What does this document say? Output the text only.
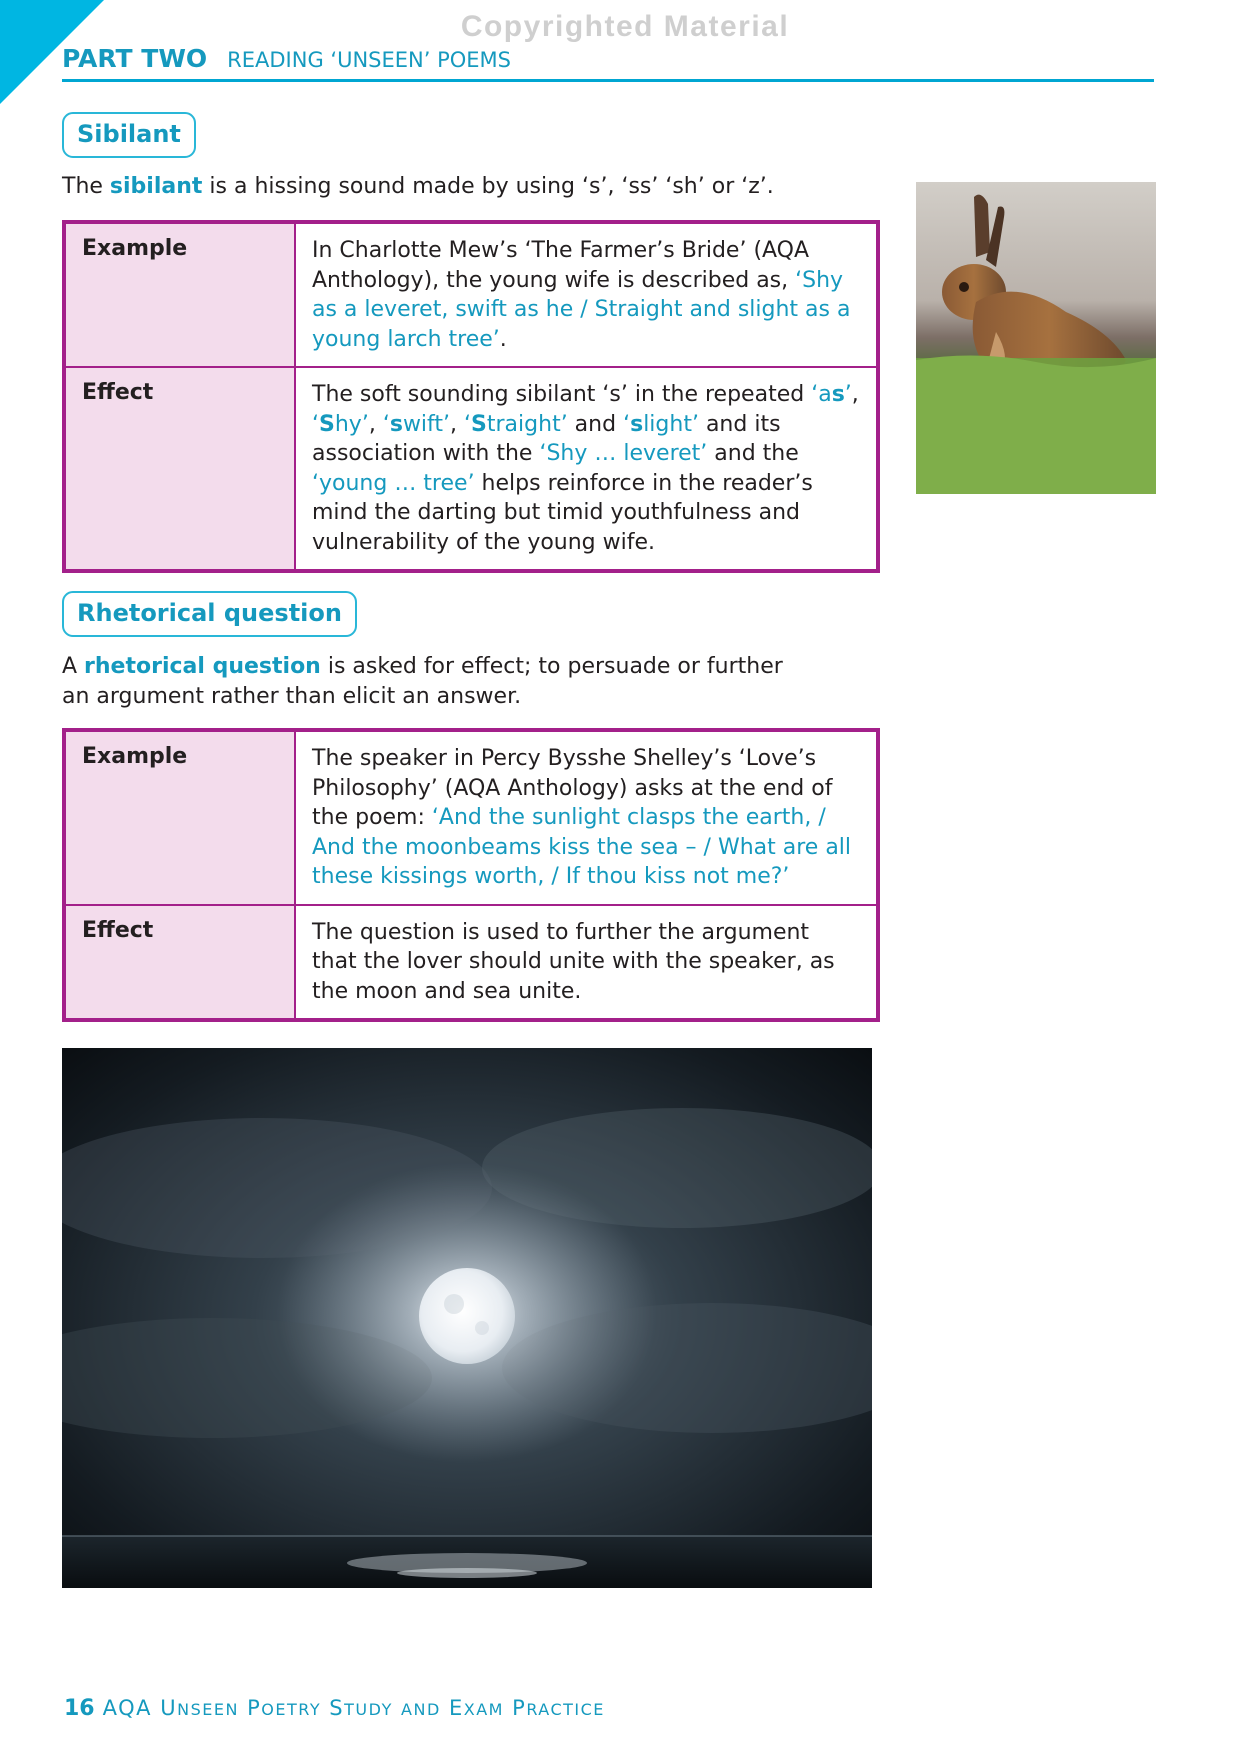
Copyrighted Material
PART TWO READING ‘UNSEEN’ POEMS
Sibilant
The sibilant is a hissing sound made by using ‘s’, ‘ss’ ‘sh’ or ‘z’.
Example	In Charlotte Mew’s ‘The Farmer’s Bride’ (AQA Anthology), the young wife is described as, ‘Shy as a leveret, swift as he / Straight and slight as a young larch tree’.
Effect	The soft sounding sibilant ‘s’ in the repeated ‘as’, ‘Shy’, ‘swift’, ‘Straight’ and ‘slight’ and its association with the ‘Shy … leveret’ and the ‘young … tree’ helps reinforce in the reader’s mind the darting but timid youthfulness and vulnerability of the young wife.
Rhetorical question
A rhetorical question is asked for effect; to persuade or further an argument rather than elicit an answer.
Example	The speaker in Percy Bysshe Shelley’s ‘Love’s Philosophy’ (AQA Anthology) asks at the end of the poem: ‘And the sunlight clasps the earth, / And the moonbeams kiss the sea – / What are all these kissings worth, / If thou kiss not me?’
Effect	The question is used to further the argument that the lover should unite with the speaker, as the moon and sea unite.
16 AQA UNSEEN POETRY STUDY AND EXAM PRACTICE
